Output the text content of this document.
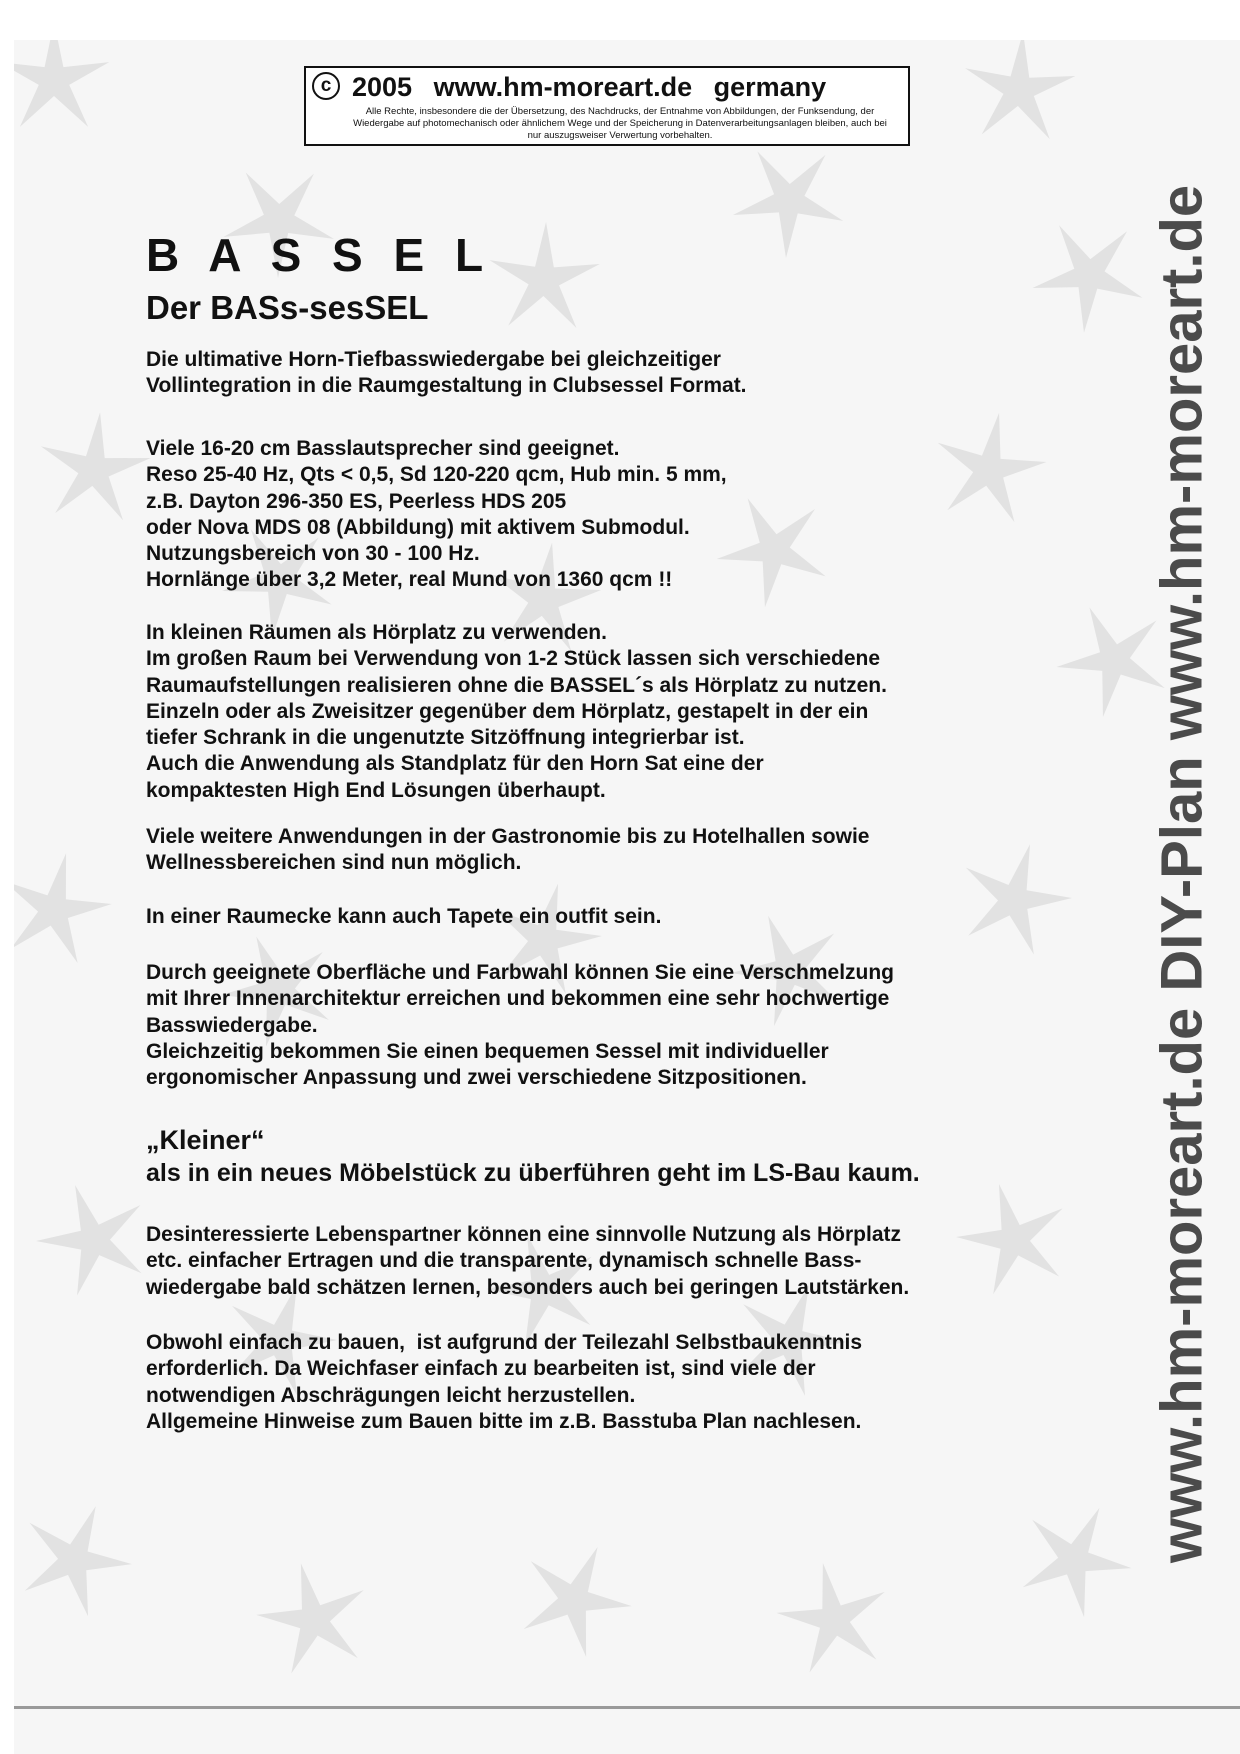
c 2005 www.hm-moreart.de germany
Alle Rechte, insbesondere die der Übersetzung, des Nachdrucks, der Entnahme von Abbildungen, der Funksendung, der Wiedergabe auf photomechanisch oder ähnlichem Wege und der Speicherung in Datenverarbeitungsanlagen bleiben, auch bei nur auszugsweiser Verwertung vorbehalten.
B A S S E L
Der BASs-sesSEL

Die ultimative Horn-Tiefbasswiedergabe bei gleichzeitiger
Vollintegration in die Raumgestaltung in Clubsessel Format.

Viele 16-20 cm Basslautsprecher sind geeignet.
Reso 25-40 Hz, Qts < 0,5, Sd 120-220 qcm, Hub min. 5 mm,
z.B. Dayton 296-350 ES, Peerless HDS 205
oder Nova MDS 08 (Abbildung) mit aktivem Submodul.
Nutzungsbereich von 30 - 100 Hz.
Hornlänge über 3,2 Meter, real Mund von 1360 qcm !!

In kleinen Räumen als Hörplatz zu verwenden.
Im großen Raum bei Verwendung von 1-2 Stück lassen sich verschiedene
Raumaufstellungen realisieren ohne die BASSEL´s als Hörplatz zu nutzen.
Einzeln oder als Zweisitzer gegenüber dem Hörplatz, gestapelt in der ein
tiefer Schrank in die ungenutzte Sitzöffnung integrierbar ist.
Auch die Anwendung als Standplatz für den Horn Sat eine der
kompaktesten High End Lösungen überhaupt.

Viele weitere Anwendungen in der Gastronomie bis zu Hotelhallen sowie
Wellnessbereichen sind nun möglich.

In einer Raumecke kann auch Tapete ein outfit sein.

Durch geeignete Oberfläche und Farbwahl können Sie eine Verschmelzung
mit Ihrer Innenarchitektur erreichen und bekommen eine sehr hochwertige
Basswiedergabe.
Gleichzeitig bekommen Sie einen bequemen Sessel mit individueller
ergonomischer Anpassung und zwei verschiedene Sitzpositionen.

„Kleiner“

als in ein neues Möbelstück zu überführen geht im LS-Bau kaum.

Desinteressierte Lebenspartner können eine sinnvolle Nutzung als Hörplatz
etc. einfacher Ertragen und die transparente, dynamisch schnelle Bass-
wiedergabe bald schätzen lernen, besonders auch bei geringen Lautstärken.

Obwohl einfach zu bauen,  ist aufgrund der Teilezahl Selbstbaukenntnis
erforderlich. Da Weichfaser einfach zu bearbeiten ist, sind viele der
notwendigen Abschrägungen leicht herzustellen.
Allgemeine Hinweise zum Bauen bitte im z.B. Basstuba Plan nachlesen.	www.hm-moreart.de DIY-Plan www.hm-moreart.de
